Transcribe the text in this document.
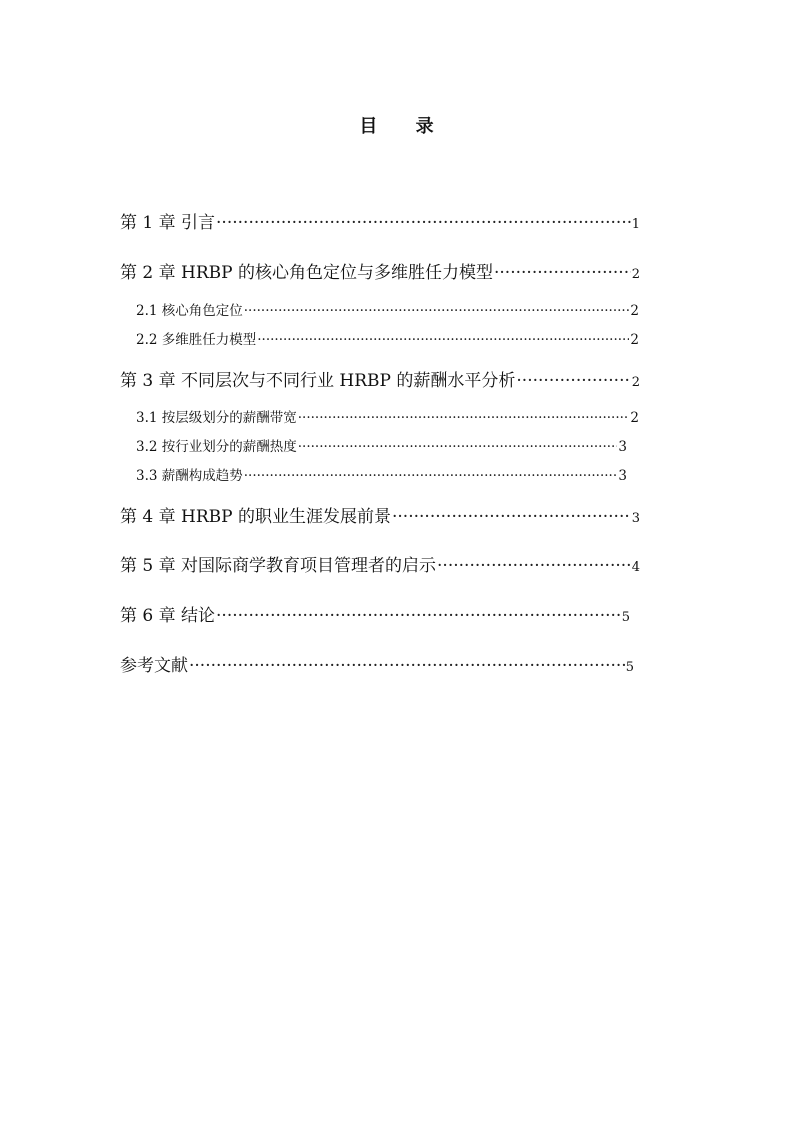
目 录
第 1 章 引言 ·····	1
第 2 章 HRBP 的核心角色定位与多维胜任力模型 ·····	2
2.1 核心角色定位 ·····	2
2.2 多维胜任力模型 ·····	2
第 3 章 不同层次与不同行业 HRBP 的薪酬水平分析 ·····	2
3.1 按层级划分的薪酬带宽 ·····	2
3.2 按行业划分的薪酬热度 ·····	3
3.3 薪酬构成趋势 ·····	3
第 4 章 HRBP 的职业生涯发展前景 ·····	3
第 5 章 对国际商学教育项目管理者的启示 ·····	4
第 6 章 结论 ·····	5
参考文献 ·····	5
